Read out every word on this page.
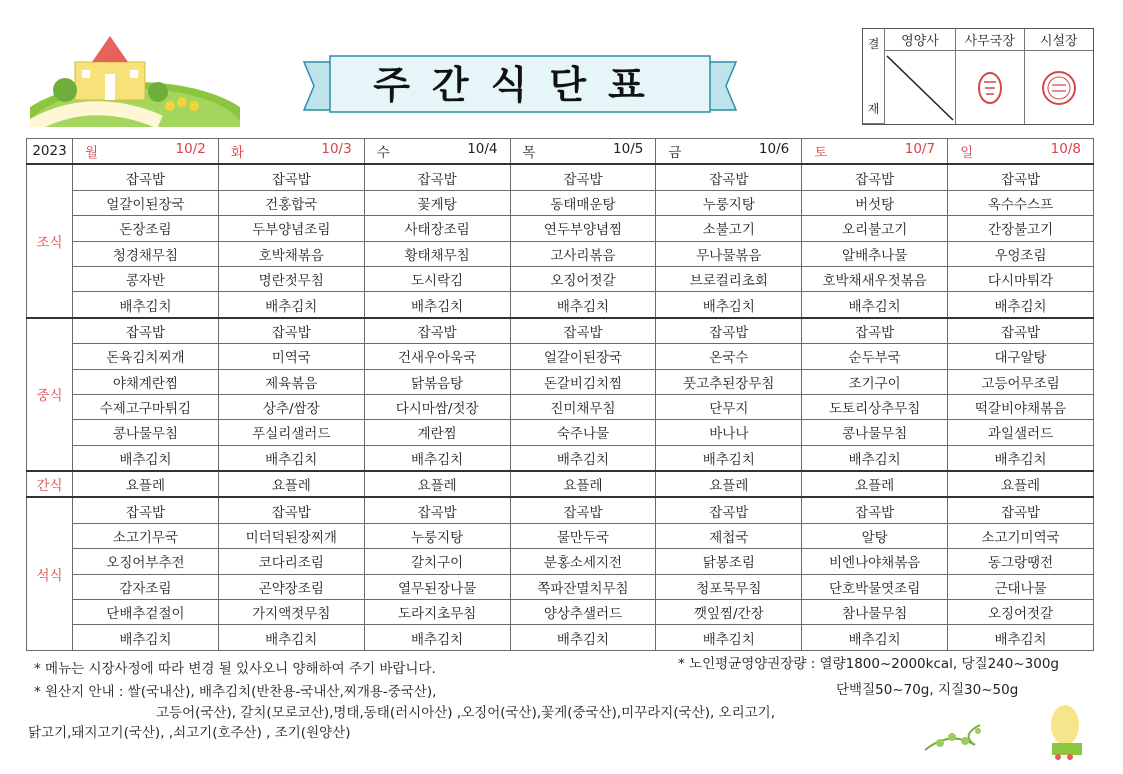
주간식단표
결
재
영양사	사무국장	시설장
2023	월 10/2	화 10/3	수 10/4	목 10/5	금 10/6	토 10/7	일 10/8

조식	잡곡밥	잡곡밥	잡곡밥	잡곡밥	잡곡밥	잡곡밥	잡곡밥
	얼갈이된장국	건홍합국	꽃게탕	동태매운탕	누룽지탕	버섯탕	옥수수스프
	돈장조림	두부양념조림	사태장조림	연두부양념찜	소불고기	오리불고기	간장불고기
	청경채무침	호박채볶음	황태채무침	고사리볶음	무나물볶음	알배추나물	우엉조림
	콩자반	명란젓무침	도시락김	오징어젓갈	브로컬리초회	호박채새우젓볶음	다시마튀각
	배추김치	배추김치	배추김치	배추김치	배추김치	배추김치	배추김치
중식	잡곡밥	잡곡밥	잡곡밥	잡곡밥	잡곡밥	잡곡밥	잡곡밥
	돈육김치찌개	미역국	건새우아욱국	얼갈이된장국	온국수	순두부국	대구알탕
	야채계란찜	제육볶음	닭볶음탕	돈갈비김치찜	풋고추된장무침	조기구이	고등어무조림
	수제고구마튀김	상추/쌈장	다시마쌈/젓장	진미채무침	단무지	도토리상추무침	떡갈비야채볶음
	콩나물무침	푸실리샐러드	계란찜	숙주나물	바나나	콩나물무침	과일샐러드
	배추김치	배추김치	배추김치	배추김치	배추김치	배추김치	배추김치
간식	요플레	요플레	요플레	요플레	요플레	요플레	요플레
석식	잡곡밥	잡곡밥	잡곡밥	잡곡밥	잡곡밥	잡곡밥	잡곡밥
	소고기무국	미더덕된장찌개	누룽지탕	물만두국	제첩국	알탕	소고기미역국
	오징어부추전	코다리조림	갈치구이	분홍소세지전	닭봉조림	비엔나야채볶음	동그랑땡전
	감자조림	곤약장조림	열무된장나물	쪽파잔멸치무침	청포묵무침	단호박물엿조림	근대나물
	단배추겉절이	가지액젓무침	도라지초무침	양상추샐러드	깻잎찜/간장	참나물무침	오징어젓갈
	배추김치	배추김치	배추김치	배추김치	배추김치	배추김치	배추김치
* 메뉴는 시장사정에 따라 변경 될 있사오니 양해하여 주기 바랍니다.
* 원산지 안내 : 쌀(국내산), 배추김치(반찬용-국내산,찌개용-중국산),
고등어(국산), 갈치(모로코산),명태,동태(러시아산) ,오징어(국산),꽃게(중국산),미꾸라지(국산), 오리고기,
닭고기,돼지고기(국산), ,쇠고기(호주산) , 조기(원양산)
* 노인평균영양권장량 : 열량1800~2000kcal, 당질240~300g
단백질50~70g, 지질30~50g
